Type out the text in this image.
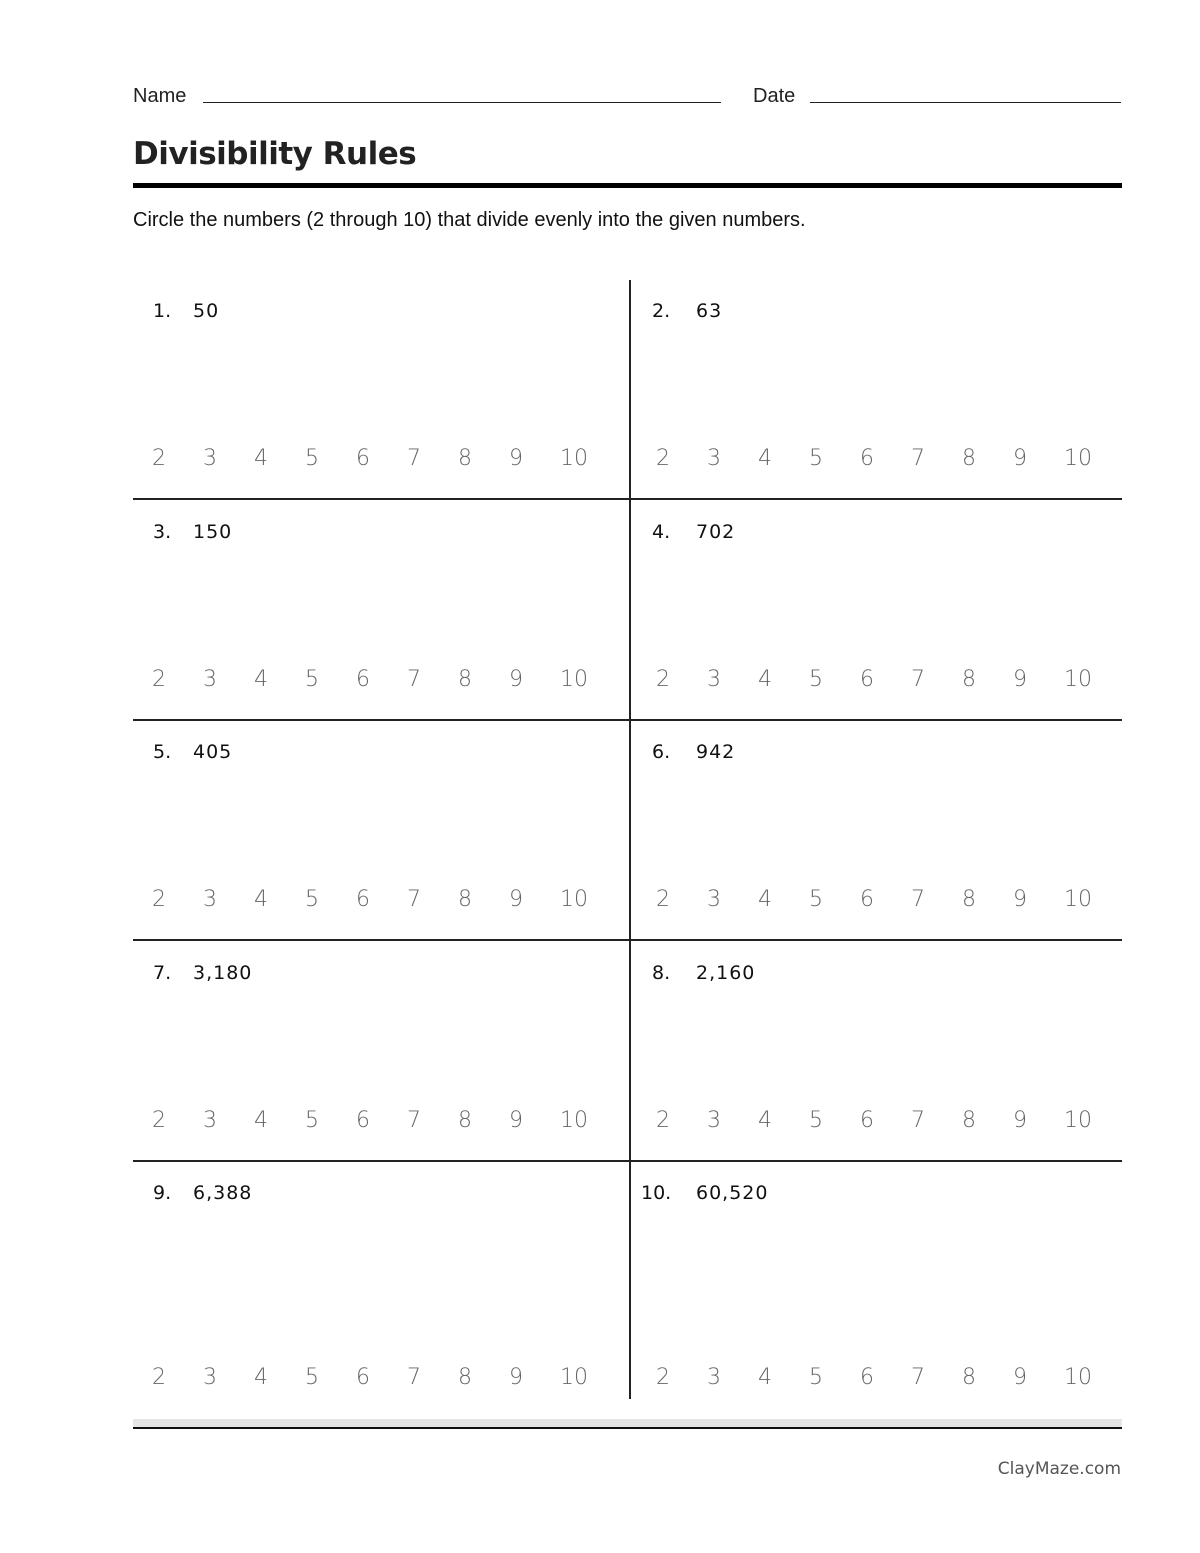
Name	Date
Divisibility Rules
Circle the numbers (2 through 10) that divide evenly into the given numbers.
1. 50
2	3	4	5	6	7	8	9	10
2. 63
2	3	4	5	6	7	8	9	10
3. 150
2	3	4	5	6	7	8	9	10
4. 702
2	3	4	5	6	7	8	9	10
5. 405
2	3	4	5	6	7	8	9	10
6. 942
2	3	4	5	6	7	8	9	10
7. 3,180
2	3	4	5	6	7	8	9	10
8. 2,160
2	3	4	5	6	7	8	9	10
9. 6,388
2	3	4	5	6	7	8	9	10
10. 60,520
2	3	4	5	6	7	8	9	10
ClayMaze.com
